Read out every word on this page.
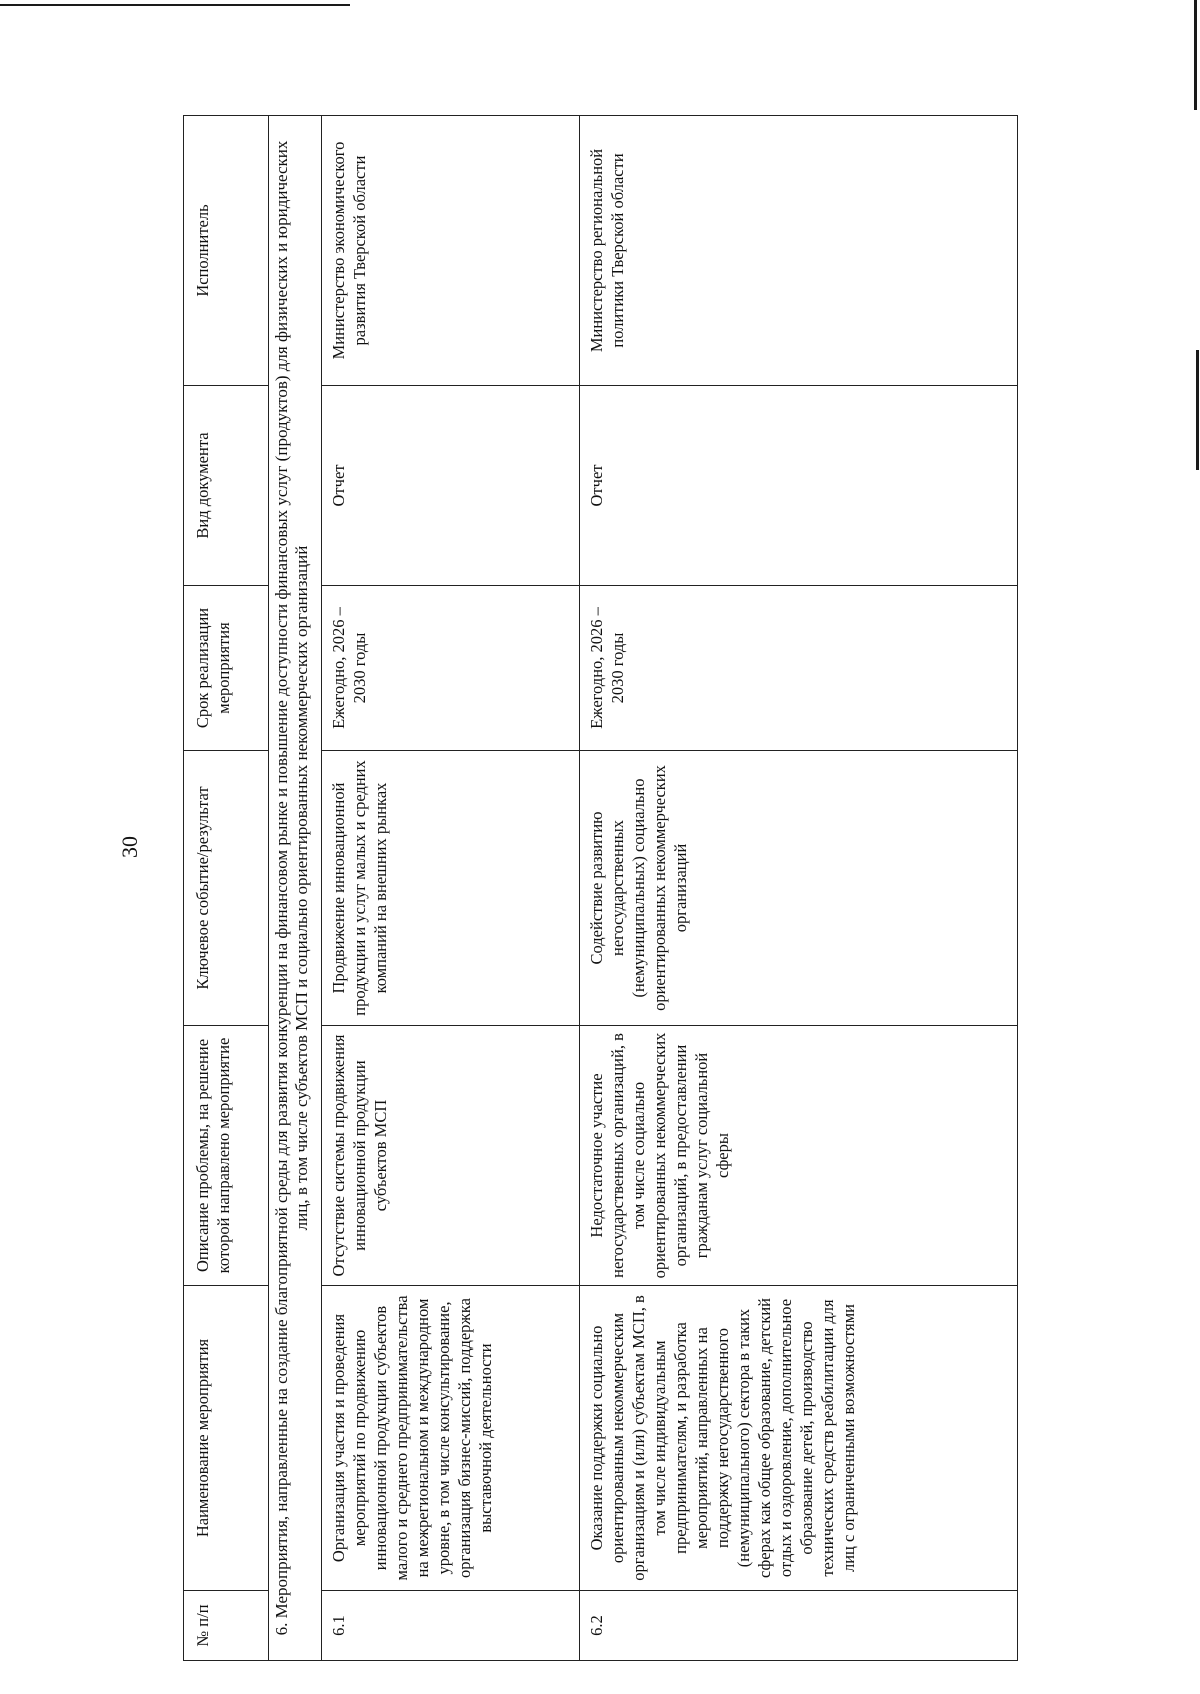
30
№ п/п	Наименование мероприятия	Описание проблемы, на решение которой направлено мероприятие	Ключевое событие/результат	Срок реализации мероприятия	Вид документа	Исполнитель
6. Мероприятия, направленные на создание благоприятной среды для развития конкуренции на финансовом рынке и повышение доступности финансовых услуг (продуктов) для физических и юридических лиц, в том числе субъектов МСП и социально ориентированных некоммерческих организаций						
6.1	Организация участия и проведения мероприятий по продвижению инновационной продукции субъектов малого и среднего предпринимательства на межрегиональном и международном уровне, в том числе консультирование, организация бизнес-миссий, поддержка выставочной деятельности	Отсутствие системы продвижения инновационной продукции субъектов МСП	Продвижение инновационной продукции и услуг малых и средних компаний на внешних рынках	Ежегодно, 2026 – 2030 годы	Отчет	Министерство экономического развития Тверской области
6.2	Оказание поддержки социально ориентированным некоммерческим организациям и (или) субъектам МСП, в том числе индивидуальным предпринимателям, и разработка мероприятий, направленных на поддержку негосударственного (немуниципального) сектора в таких сферах как общее образование, детский отдых и оздоровление, дополнительное образование детей, производство технических средств реабилитации для лиц с ограниченными возможностями	Недостаточное участие негосударственных организаций, в том числе социально ориентированных некоммерческих организаций, в предоставлении гражданам услуг социальной сферы	Содействие развитию негосударственных (немуниципальных) социально ориентированных некоммерческих организаций	Ежегодно, 2026 – 2030 годы	Отчет	Министерство региональной политики Тверской области
